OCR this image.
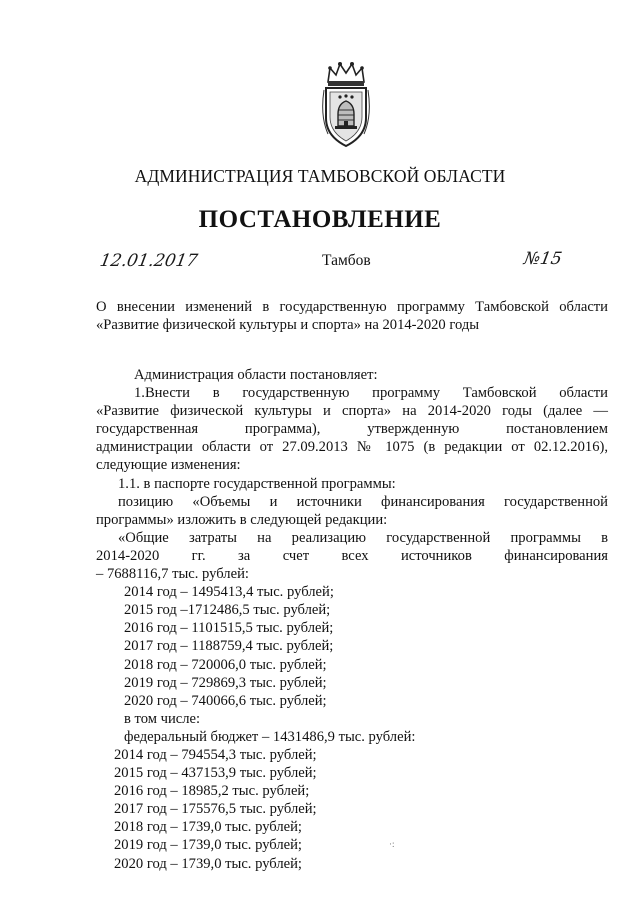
АДМИНИСТРАЦИЯ ТАМБОВСКОЙ ОБЛАСТИ
ПОСТАНОВЛЕНИЕ
12.01.2017	Тамбов	№15
О внесении изменений в государственную программу Тамбовской области
«Развитие физической культуры и спорта» на 2014-2020 годы
Администрация области постановляет:
1.Внести в государственную программу Тамбовской области
«Развитие физической культуры и спорта» на 2014-2020 годы (далее —
государственная программа), утвержденную постановлением
администрации области от 27.09.2013 № 1075 (в редакции от 02.12.2016),
следующие изменения:
1.1. в паспорте государственной программы:
позицию «Объемы и источники финансирования государственной
программы» изложить в следующей редакции:
«Общие затраты на реализацию государственной программы в
2014-2020 гг. за счет всех источников финансирования
– 7688116,7 тыс. рублей:
2014 год – 1495413,4 тыс. рублей;
2015 год –1712486,5 тыс. рублей;
2016 год – 1101515,5 тыс. рублей;
2017 год – 1188759,4 тыс. рублей;
2018 год – 720006,0 тыс. рублей;
2019 год – 729869,3 тыс. рублей;
2020 год – 740066,6 тыс. рублей;
в том числе:
федеральный бюджет – 1431486,9 тыс. рублей:
2014 год – 794554,3 тыс. рублей;
2015 год – 437153,9 тыс. рублей;
2016 год – 18985,2 тыс. рублей;
2017 год – 175576,5 тыс. рублей;
2018 год – 1739,0 тыс. рублей;
2019 год – 1739,0 тыс. рублей;
2020 год – 1739,0 тыс. рублей;
·:
